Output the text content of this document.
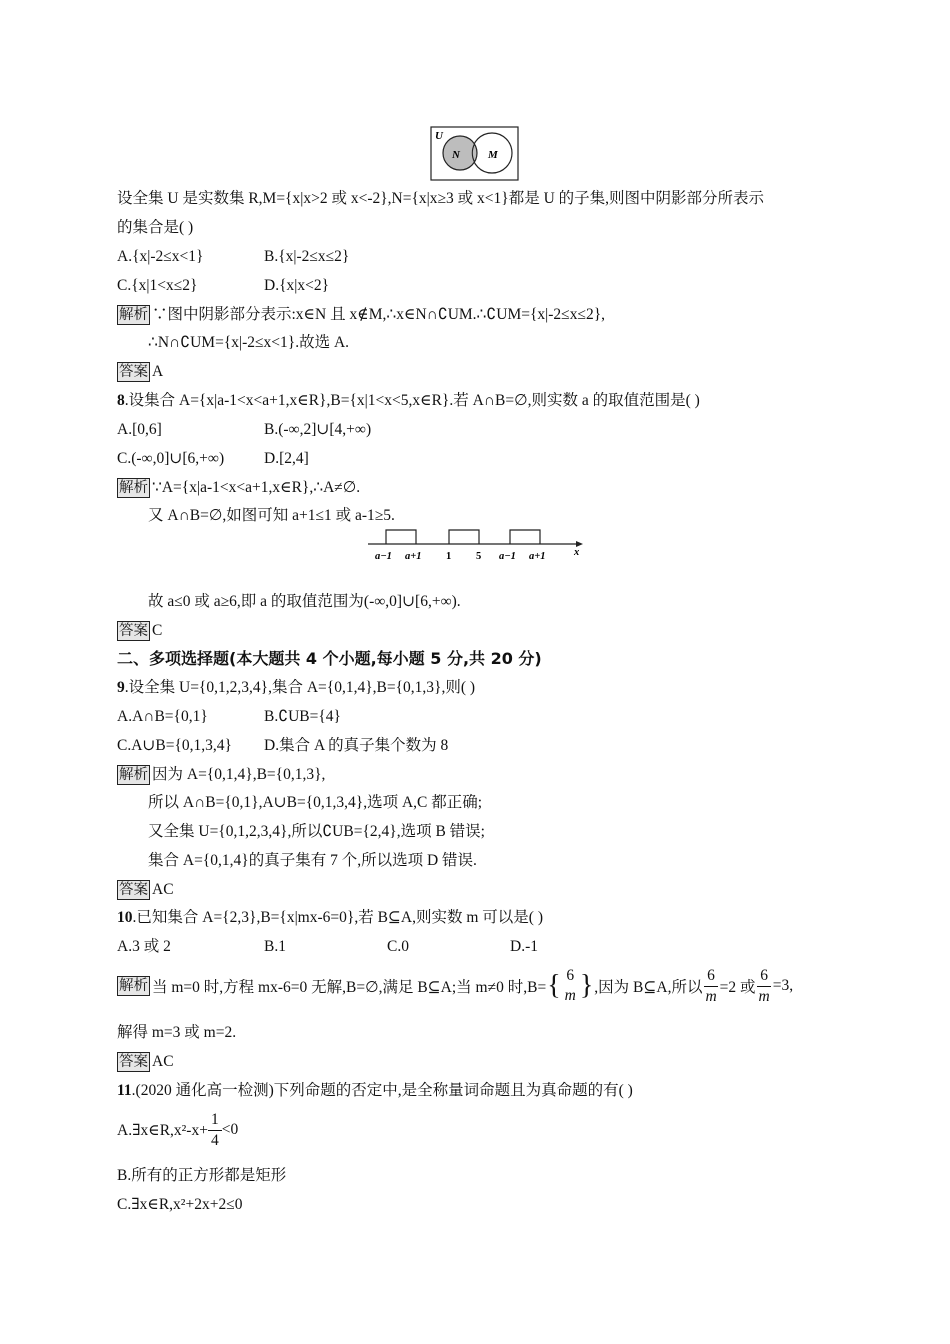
U
N	M
设全集 U 是实数集 R,M={x|x>2 或 x<-2},N={x|x≥3 或 x<1}都是 U 的子集,则图中阴影部分所表示
的集合是( )
A.{x|-2≤x<1}	B.{x|-2≤x≤2}
C.{x|1<x≤2}	D.{x|x<2}
解析 ∵图中阴影部分表示:x∈N 且 x∉M,∴x∈N∩∁UM.∴∁UM={x|-2≤x≤2},
∴N∩∁UM={x|-2≤x<1}.故选 A.
答案 A
8.设集合 A={x|a-1<x<a+1,x∈R},B={x|1<x<5,x∈R}.若 A∩B=∅,则实数 a 的取值范围是( )
A.[0,6]	B.(-∞,2]∪[4,+∞)
C.(-∞,0]∪[6,+∞)	D.[2,4]
解析 ∵A={x|a-1<x<a+1,x∈R},∴A≠∅.
又 A∩B=∅,如图可知 a+1≤1 或 a-1≥5.
a−1 a+1 1 5 a−1 a+1	x
故 a≤0 或 a≥6,即 a 的取值范围为(-∞,0]∪[6,+∞).
答案 C
二、多项选择题(本大题共 4 个小题,每小题 5 分,共 20 分)
9.设全集 U={0,1,2,3,4},集合 A={0,1,4},B={0,1,3},则( )
A.A∩B={0,1}	B.∁UB={4}
C.A∪B={0,1,3,4} D.集合 A 的真子集个数为 8
解析 因为 A={0,1,4},B={0,1,3},
所以 A∩B={0,1},A∪B={0,1,3,4},选项 A,C 都正确;
又全集 U={0,1,2,3,4},所以∁UB={2,4},选项 B 错误;
集合 A={0,1,4}的真子集有 7 个,所以选项 D 错误.
答案 AC
10.已知集合 A={2,3},B={x|mx-6=0},若 B⊆A,则实数 m 可以是( )
A.3 或 2	B.1	C.0	D.-1
解析 当 m=0 时,方程 mx-6=0 无解,B=∅,满足 B⊆A;当 m≠0 时,B= { 6
m } ,因为 B⊆A,所以 $\frac{6}{m} =2$ 或 $\frac{6}{m} =3$,
解得 m=3 或 m=2.
答案 AC
11.(2020 通化高一检测)下列命题的否定中,是全称量词命题且为真命题的有( )
A.∃x∈R,x²-x+ $\frac{1}{4} <0$
B.所有的正方形都是矩形
C.∃x∈R,x²+2x+2≤0
